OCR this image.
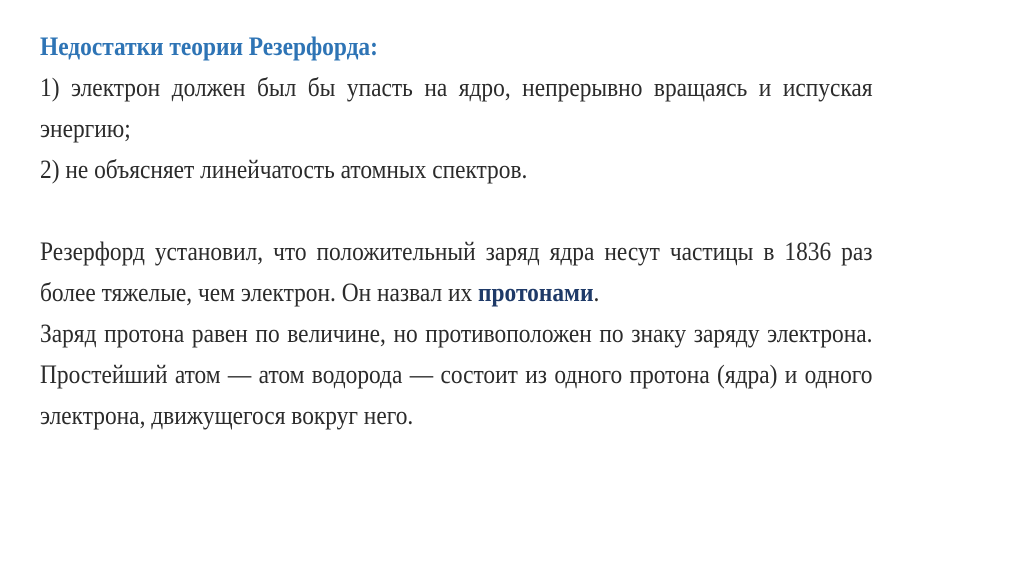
Недостатки теории Резерфорда:

1) электрон должен был бы упасть на ядро, непрерывно вращаясь и испуская энергию;

2) не объясняет линейчатость атомных спектров.

Резерфорд установил, что положительный заряд ядра несут частицы в 1836 раз более тяжелые, чем электрон. Он назвал их протонами.

Заряд протона равен по величине, но противоположен по знаку заряду электрона. Простейший атом — атом водорода — состоит из одного протона (ядра) и одного электрона, движущегося вокруг него.
